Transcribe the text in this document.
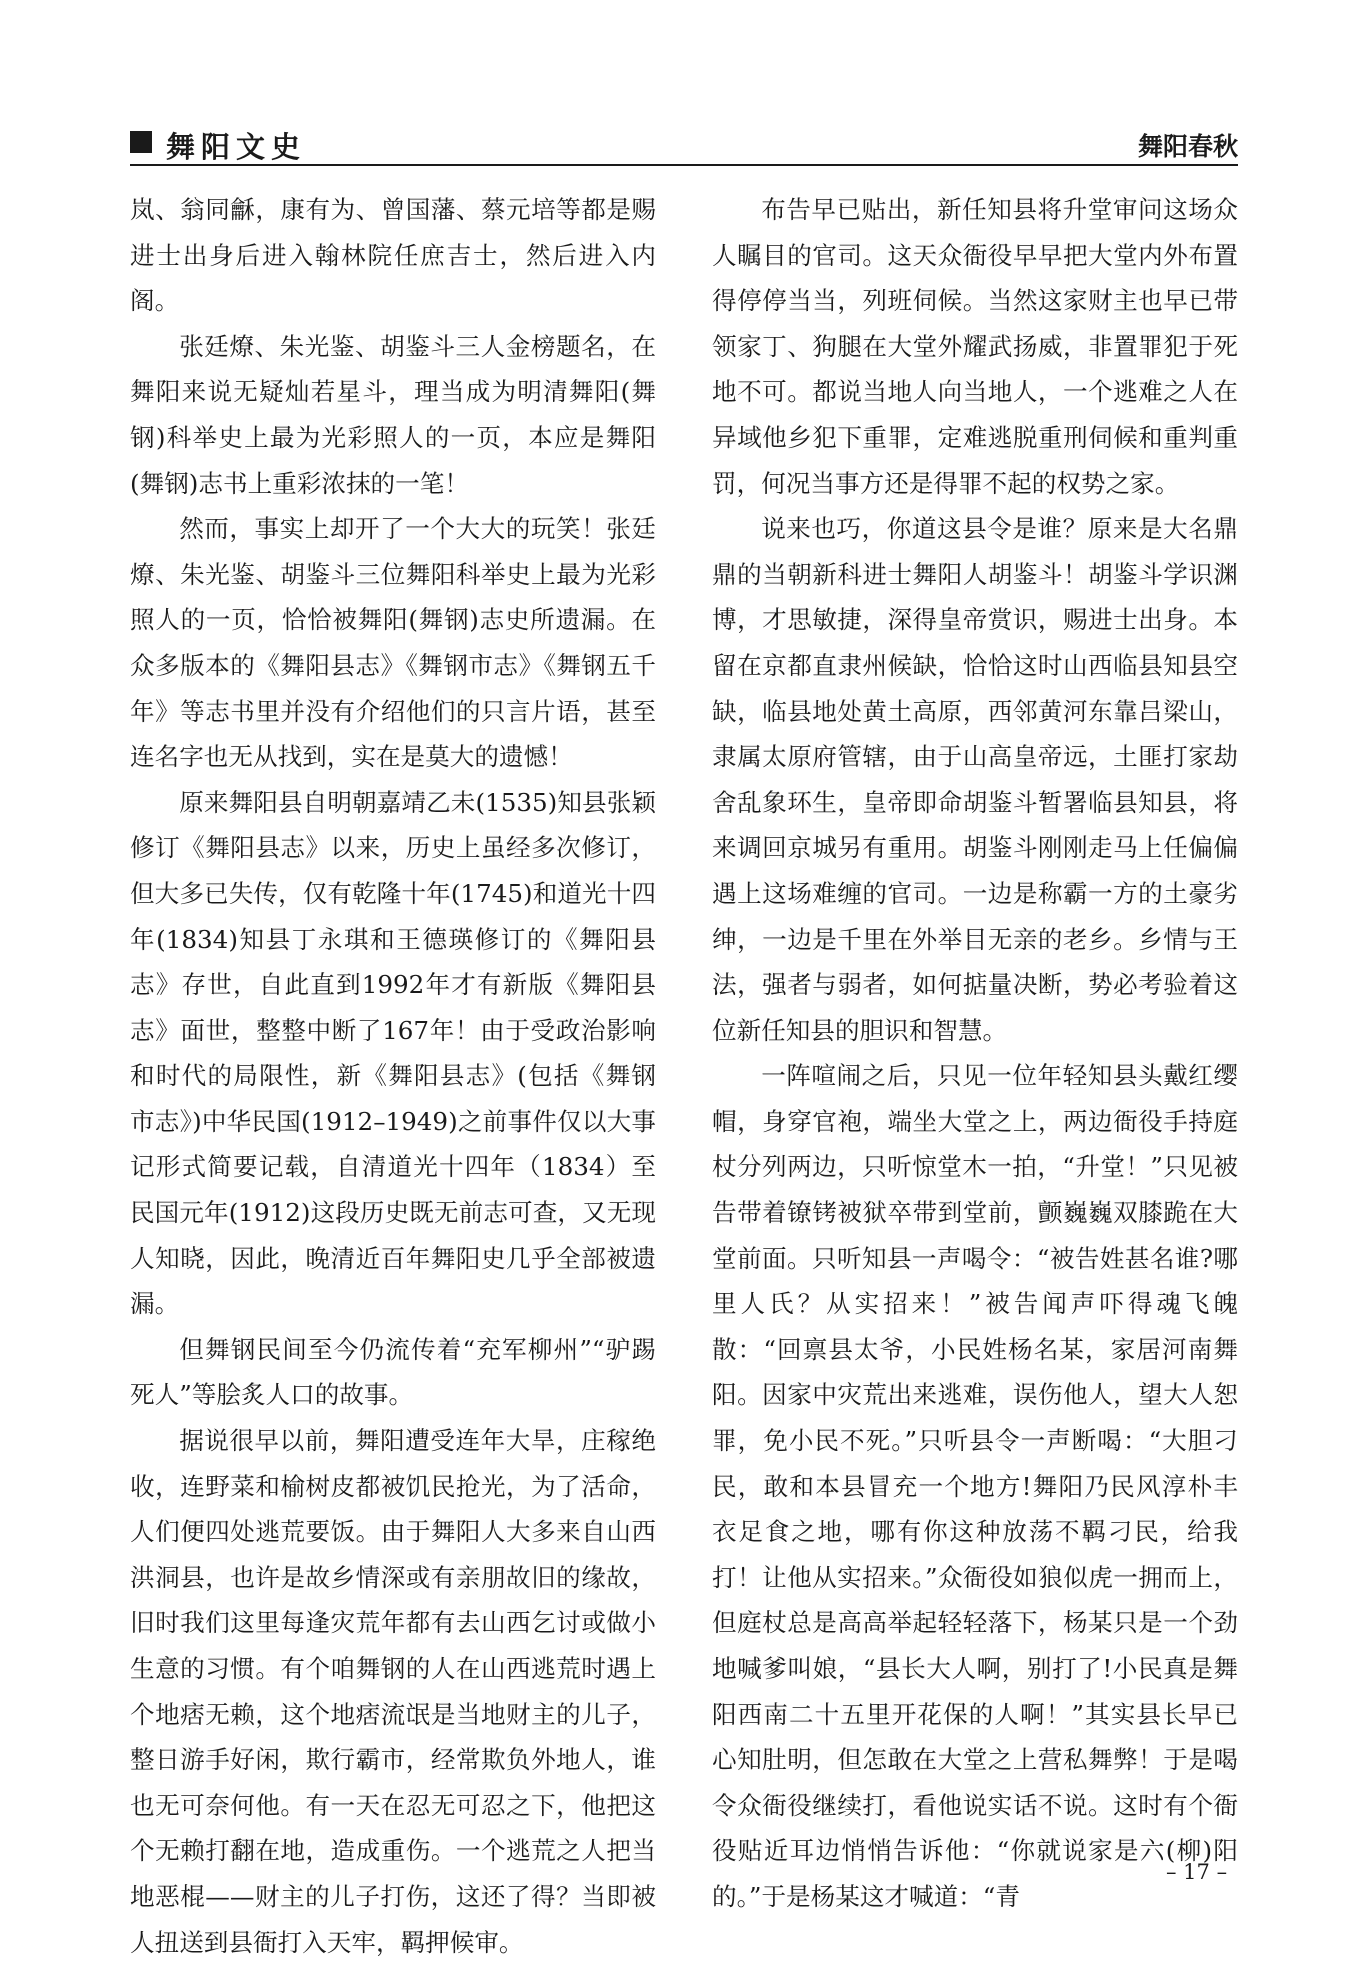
舞阳文史	舞阳春秋

岚、翁同龢，康有为、曾国藩、蔡元培等都是赐进士出身后进入翰林院任庶吉士，然后进入内阁。

张廷燎、朱光鉴、胡鉴斗三人金榜题名，在舞阳来说无疑灿若星斗，理当成为明清舞阳(舞钢)科举史上最为光彩照人的一页，本应是舞阳(舞钢)志书上重彩浓抹的一笔！

然而，事实上却开了一个大大的玩笑！张廷燎、朱光鉴、胡鉴斗三位舞阳科举史上最为光彩照人的一页，恰恰被舞阳(舞钢)志史所遗漏。在众多版本的《舞阳县志》《舞钢市志》《舞钢五千年》等志书里并没有介绍他们的只言片语，甚至连名字也无从找到，实在是莫大的遗憾！

原来舞阳县自明朝嘉靖乙未(1535)知县张颖修订《舞阳县志》以来，历史上虽经多次修订，但大多已失传，仅有乾隆十年(1745)和道光十四年(1834)知县丁永琪和王德瑛修订的《舞阳县志》存世，自此直到1992年才有新版《舞阳县志》面世，整整中断了167年！由于受政治影响和时代的局限性，新《舞阳县志》(包括《舞钢市志》)中华民国(1912–1949)之前事件仅以大事记形式简要记载，自清道光十四年（1834）至民国元年(1912)这段历史既无前志可查，又无现人知晓，因此，晚清近百年舞阳史几乎全部被遗漏。

但舞钢民间至今仍流传着“充军柳州”“驴踢死人”等脍炙人口的故事。

据说很早以前，舞阳遭受连年大旱，庄稼绝收，连野菜和榆树皮都被饥民抢光，为了活命，人们便四处逃荒要饭。由于舞阳人大多来自山西洪洞县，也许是故乡情深或有亲朋故旧的缘故，旧时我们这里每逢灾荒年都有去山西乞讨或做小生意的习惯。有个咱舞钢的人在山西逃荒时遇上个地痞无赖，这个地痞流氓是当地财主的儿子，整日游手好闲，欺行霸市，经常欺负外地人，谁也无可奈何他。有一天在忍无可忍之下，他把这个无赖打翻在地，造成重伤。一个逃荒之人把当地恶棍——财主的儿子打伤，这还了得？当即被人扭送到县衙打入天牢，羁押候审。

布告早已贴出，新任知县将升堂审问这场众人瞩目的官司。这天众衙役早早把大堂内外布置得停停当当，列班伺候。当然这家财主也早已带领家丁、狗腿在大堂外耀武扬威，非置罪犯于死地不可。都说当地人向当地人，一个逃难之人在异域他乡犯下重罪，定难逃脱重刑伺候和重判重罚，何况当事方还是得罪不起的权势之家。

说来也巧，你道这县令是谁？原来是大名鼎鼎的当朝新科进士舞阳人胡鉴斗！胡鉴斗学识渊博，才思敏捷，深得皇帝赏识，赐进士出身。本留在京都直隶州候缺，恰恰这时山西临县知县空缺，临县地处黄土高原，西邻黄河东靠吕梁山，隶属太原府管辖，由于山高皇帝远，土匪打家劫舍乱象环生，皇帝即命胡鉴斗暂署临县知县，将来调回京城另有重用。胡鉴斗刚刚走马上任偏偏遇上这场难缠的官司。一边是称霸一方的土豪劣绅，一边是千里在外举目无亲的老乡。乡情与王法，强者与弱者，如何掂量决断，势必考验着这位新任知县的胆识和智慧。

一阵喧闹之后，只见一位年轻知县头戴红缨帽，身穿官袍，端坐大堂之上，两边衙役手持庭杖分列两边，只听惊堂木一拍，“升堂！”只见被告带着镣铐被狱卒带到堂前，颤巍巍双膝跪在大堂前面。只听知县一声喝令：“被告姓甚名谁?哪里人氏？从实招来！”被告闻声吓得魂飞魄散：“回禀县太爷，小民姓杨名某，家居河南舞阳。因家中灾荒出来逃难，误伤他人，望大人恕罪，免小民不死。”只听县令一声断喝：“大胆刁民，敢和本县冒充一个地方!舞阳乃民风淳朴丰衣足食之地，哪有你这种放荡不羁刁民，给我打！让他从实招来。”众衙役如狼似虎一拥而上，但庭杖总是高高举起轻轻落下，杨某只是一个劲地喊爹叫娘，“县长大人啊，别打了!小民真是舞阳西南二十五里开花保的人啊！”其实县长早已心知肚明，但怎敢在大堂之上营私舞弊！于是喝令众衙役继续打，看他说实话不说。这时有个衙役贴近耳边悄悄告诉他：“你就说家是六(柳)阳的。”于是杨某这才喊道：“青

– 17 –
